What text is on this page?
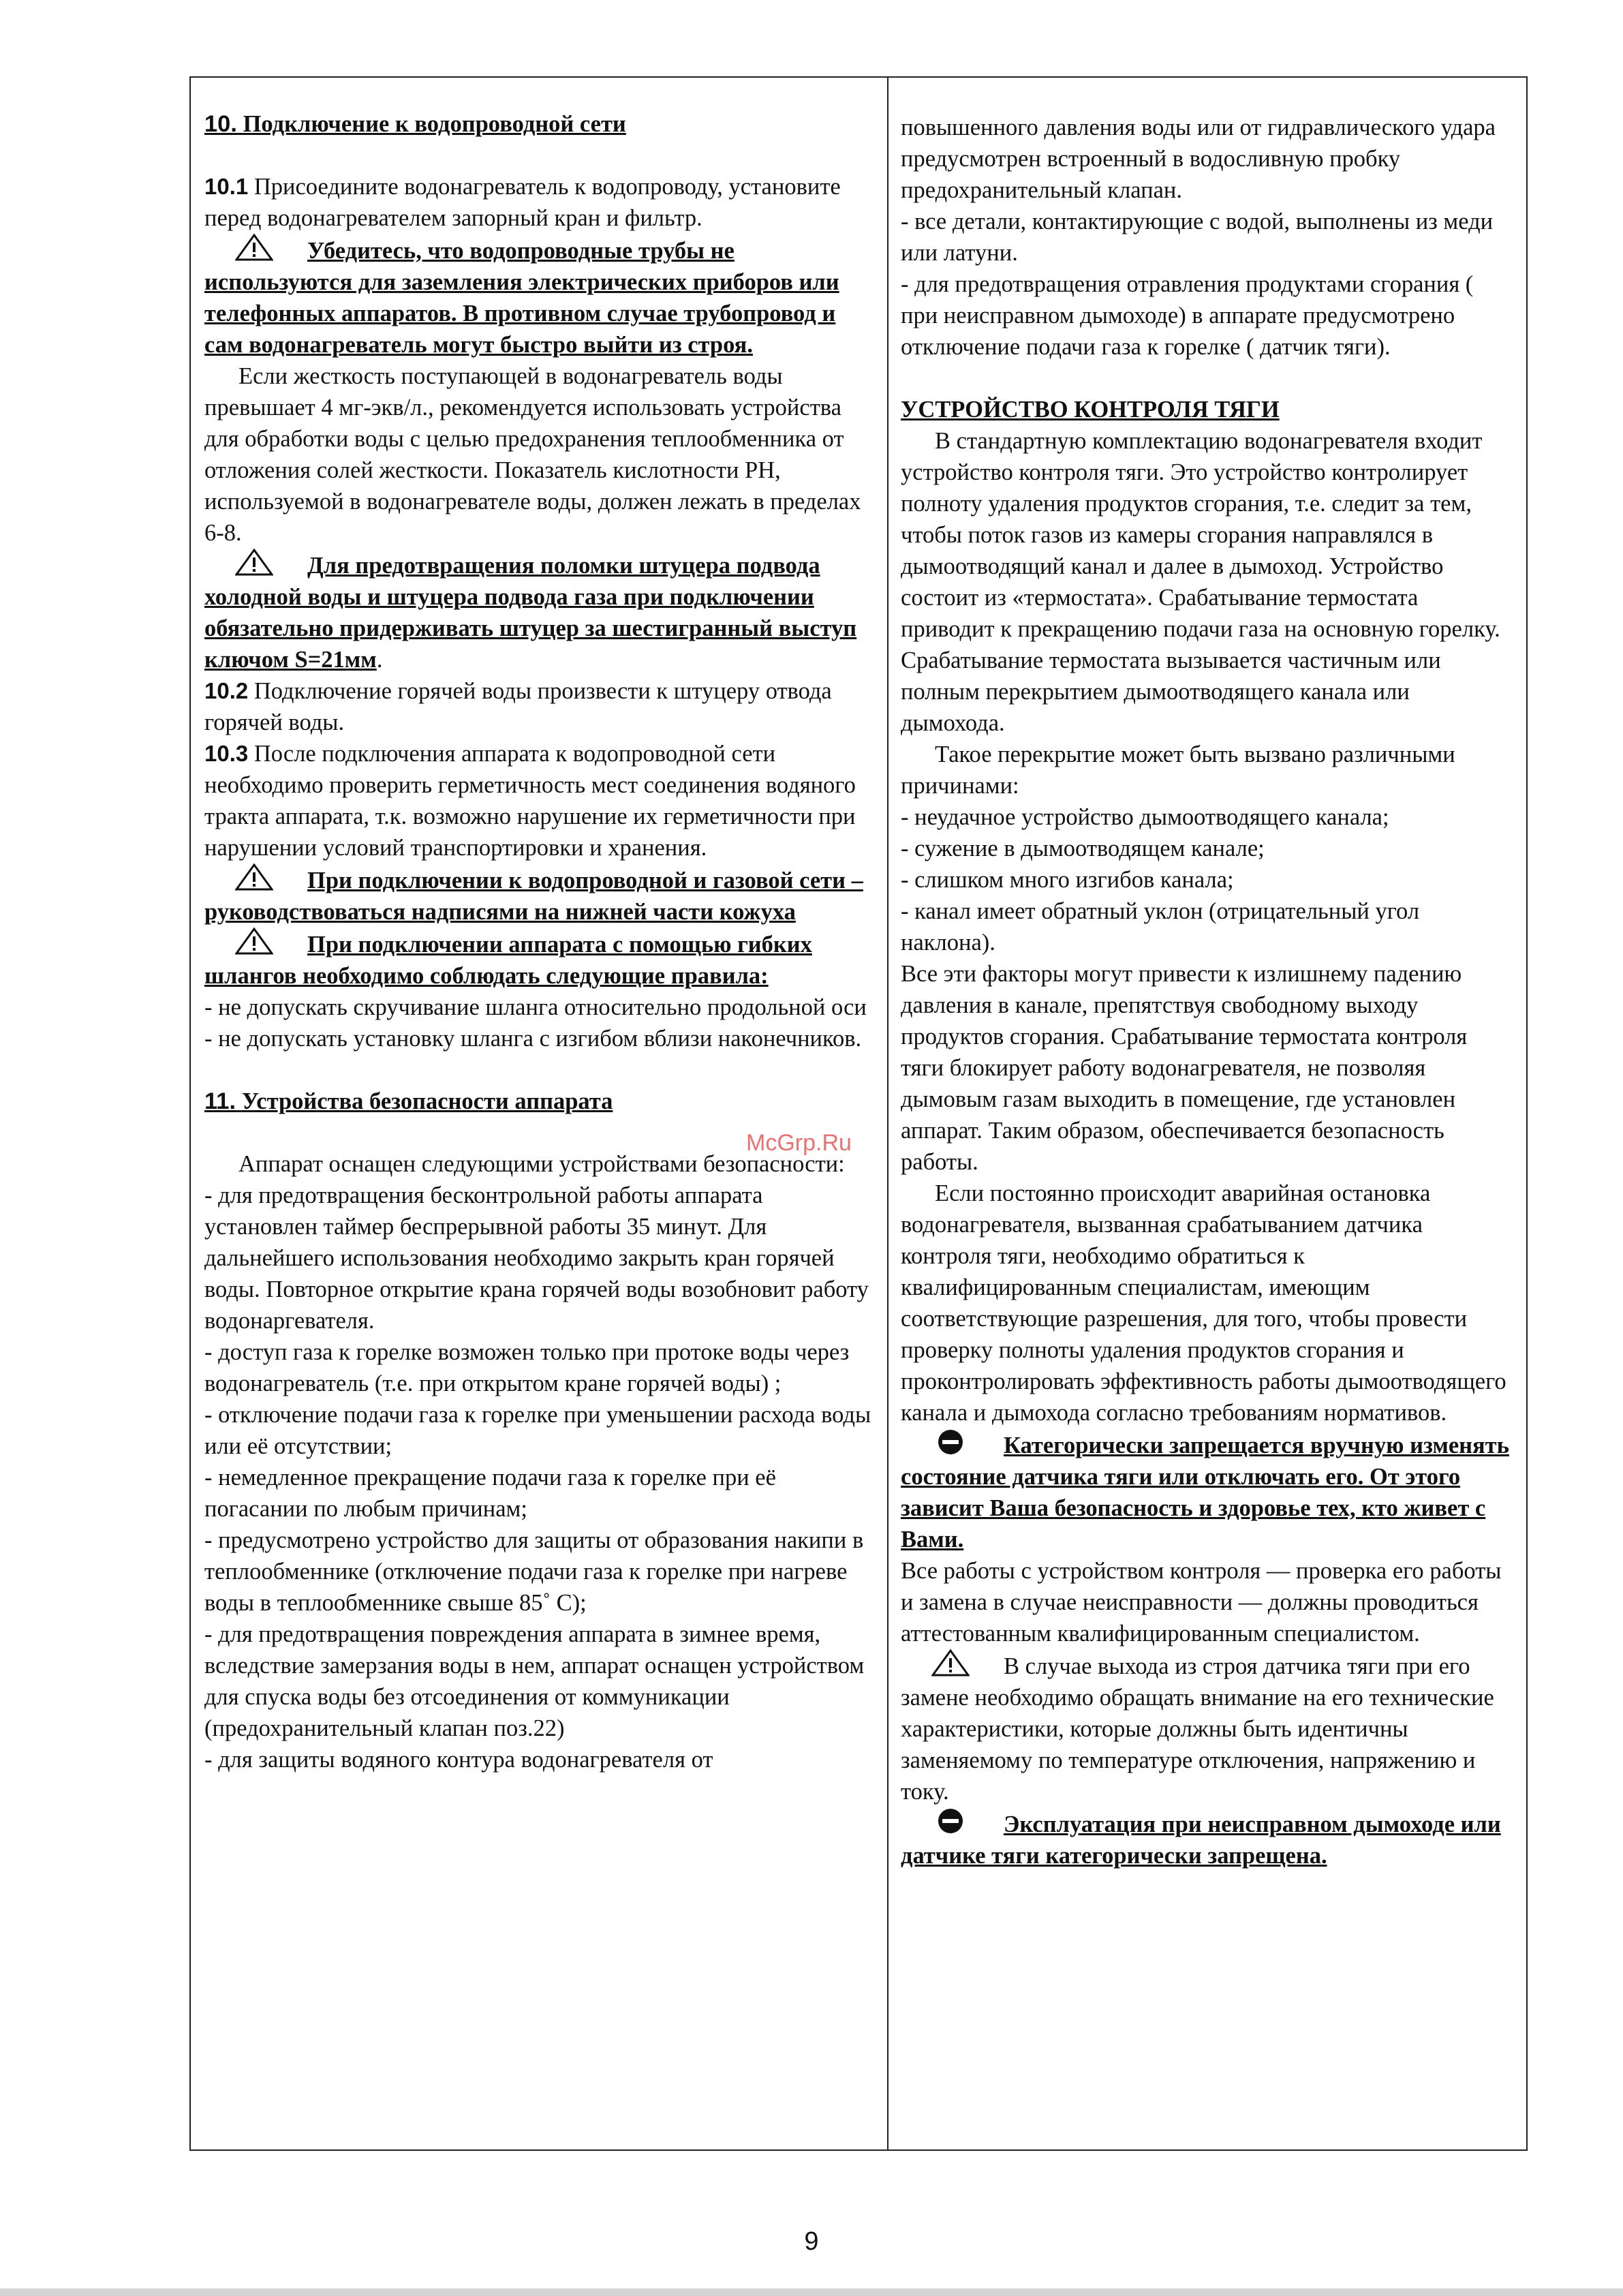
10. Подключение к водопроводной сети

10.1 Присоедините водонагреватель к водопроводу, установите перед водонагревателем запорный кран и фильтр.

Убедитесь, что водопроводные трубы не используются для заземления электрических приборов или телефонных аппаратов. В противном случае трубопровод и сам водонагреватель могут быстро выйти из строя.

Если жесткость поступающей в водонагреватель воды превышает 4 мг-экв/л., рекомендуется использовать устройства для обработки воды с целью предохранения теплообменника от отложения солей жесткости. Показатель кислотности РН, используемой в водонагревателе воды, должен лежать в пределах 6-8.

Для предотвращения поломки штуцера подвода холодной воды и штуцера подвода газа при подключении обязательно придерживать штуцер за шестигранный выступ ключом S=21мм.

10.2 Подключение горячей воды произвести к штуцеру отвода горячей воды.

10.3 После подключения аппарата к водопроводной сети необходимо проверить герметичность мест соединения водяного тракта аппарата, т.к. возможно нарушение их герметичности при нарушении условий транспортировки и хранения.

При подключении к водопроводной и газовой сети –руководствоваться надписями на нижней части кожуха

При подключении аппарата с помощью гибких шлангов необходимо соблюдать следующие правила:

- не допускать скручивание шланга относительно продольной оси

- не допускать установку шланга с изгибом вблизи наконечников.

11. Устройства безопасности аппарата

Аппарат оснащен следующими устройствами безопасности:

- для предотвращения бесконтрольной работы аппарата установлен таймер беспрерывной работы 35 минут. Для дальнейшего использования необходимо закрыть кран горячей воды. Повторное открытие крана горячей воды возобновит работу водонаргевателя.

- доступ газа к горелке возможен только при протоке воды через водонагреватель (т.е. при открытом кране горячей воды) ;

- отключение подачи газа к горелке при уменьшении расхода воды или её отсутствии;

- немедленное прекращение подачи газа к горелке при её погасании по любым причинам;

- предусмотрено устройство для защиты от образования накипи в теплообменнике (отключение подачи газа к горелке при нагреве воды в теплообменнике свыше 85˚ С);

- для предотвращения повреждения аппарата в зимнее время, вследствие замерзания воды в нем, аппарат оснащен устройством для спуска воды без отсоединения от коммуникации (предохранительный клапан поз.22)

- для защиты водяного контура водонагревателя от

повышенного давления воды или от гидравлического удара предусмотрен встроенный в водосливную пробку предохранительный клапан.

- все детали, контактирующие с водой, выполнены из меди или латуни.

- для предотвращения отравления продуктами сгорания ( при неисправном дымоходе) в аппарате предусмотрено отключение подачи газа к горелке ( датчик тяги).

УСТРОЙСТВО КОНТРОЛЯ ТЯГИ

В стандартную комплектацию водонагревателя входит устройство контроля тяги. Это устройство контролирует полноту удаления продуктов сгорания, т.е. следит за тем, чтобы поток газов из камеры сгорания направлялся в дымоотводящий канал и далее в дымоход. Устройство состоит из «термостата». Срабатывание термостата приводит к прекращению подачи газа на основную горелку. Срабатывание термостата вызывается частичным или полным перекрытием дымоотводящего канала или дымохода.

Такое перекрытие может быть вызвано различными причинами:

- неудачное устройство дымоотводящего канала;

- сужение в дымоотводящем канале;

- слишком много изгибов канала;

- канал имеет обратный уклон (отрицательный угол наклона).

Все эти факторы могут привести к излишнему падению давления в канале, препятствуя свободному выходу продуктов сгорания. Срабатывание термостата контроля тяги блокирует работу водонагревателя, не позволяя дымовым газам выходить в помещение, где установлен аппарат. Таким образом, обеспечивается безопасность работы.

Если постоянно происходит аварийная остановка водонагревателя, вызванная срабатыванием датчика контроля тяги, необходимо обратиться к квалифицированным специалистам, имеющим соответствующие разрешения, для того, чтобы провести проверку полноты удаления продуктов сгорания и проконтролировать эффективность работы дымоотводящего канала и дымохода согласно требованиям нормативов.

Категорически запрещается вручную изменять состояние датчика тяги или отключать его. От этого зависит Ваша безопасность и здоровье тех, кто живет с Вами.

Все работы с устройством контроля — проверка его работы и замена в случае неисправности — должны проводиться аттестованным квалифицированным специалистом.

В случае выхода из строя датчика тяги при его замене необходимо обращать внимание на его технические характеристики, которые должны быть идентичны заменяемому по температуре отключения, напряжению и току.

Эксплуатация при неисправном дымоходе или датчике тяги категорически запрещена.

McGrp.Ru
9
